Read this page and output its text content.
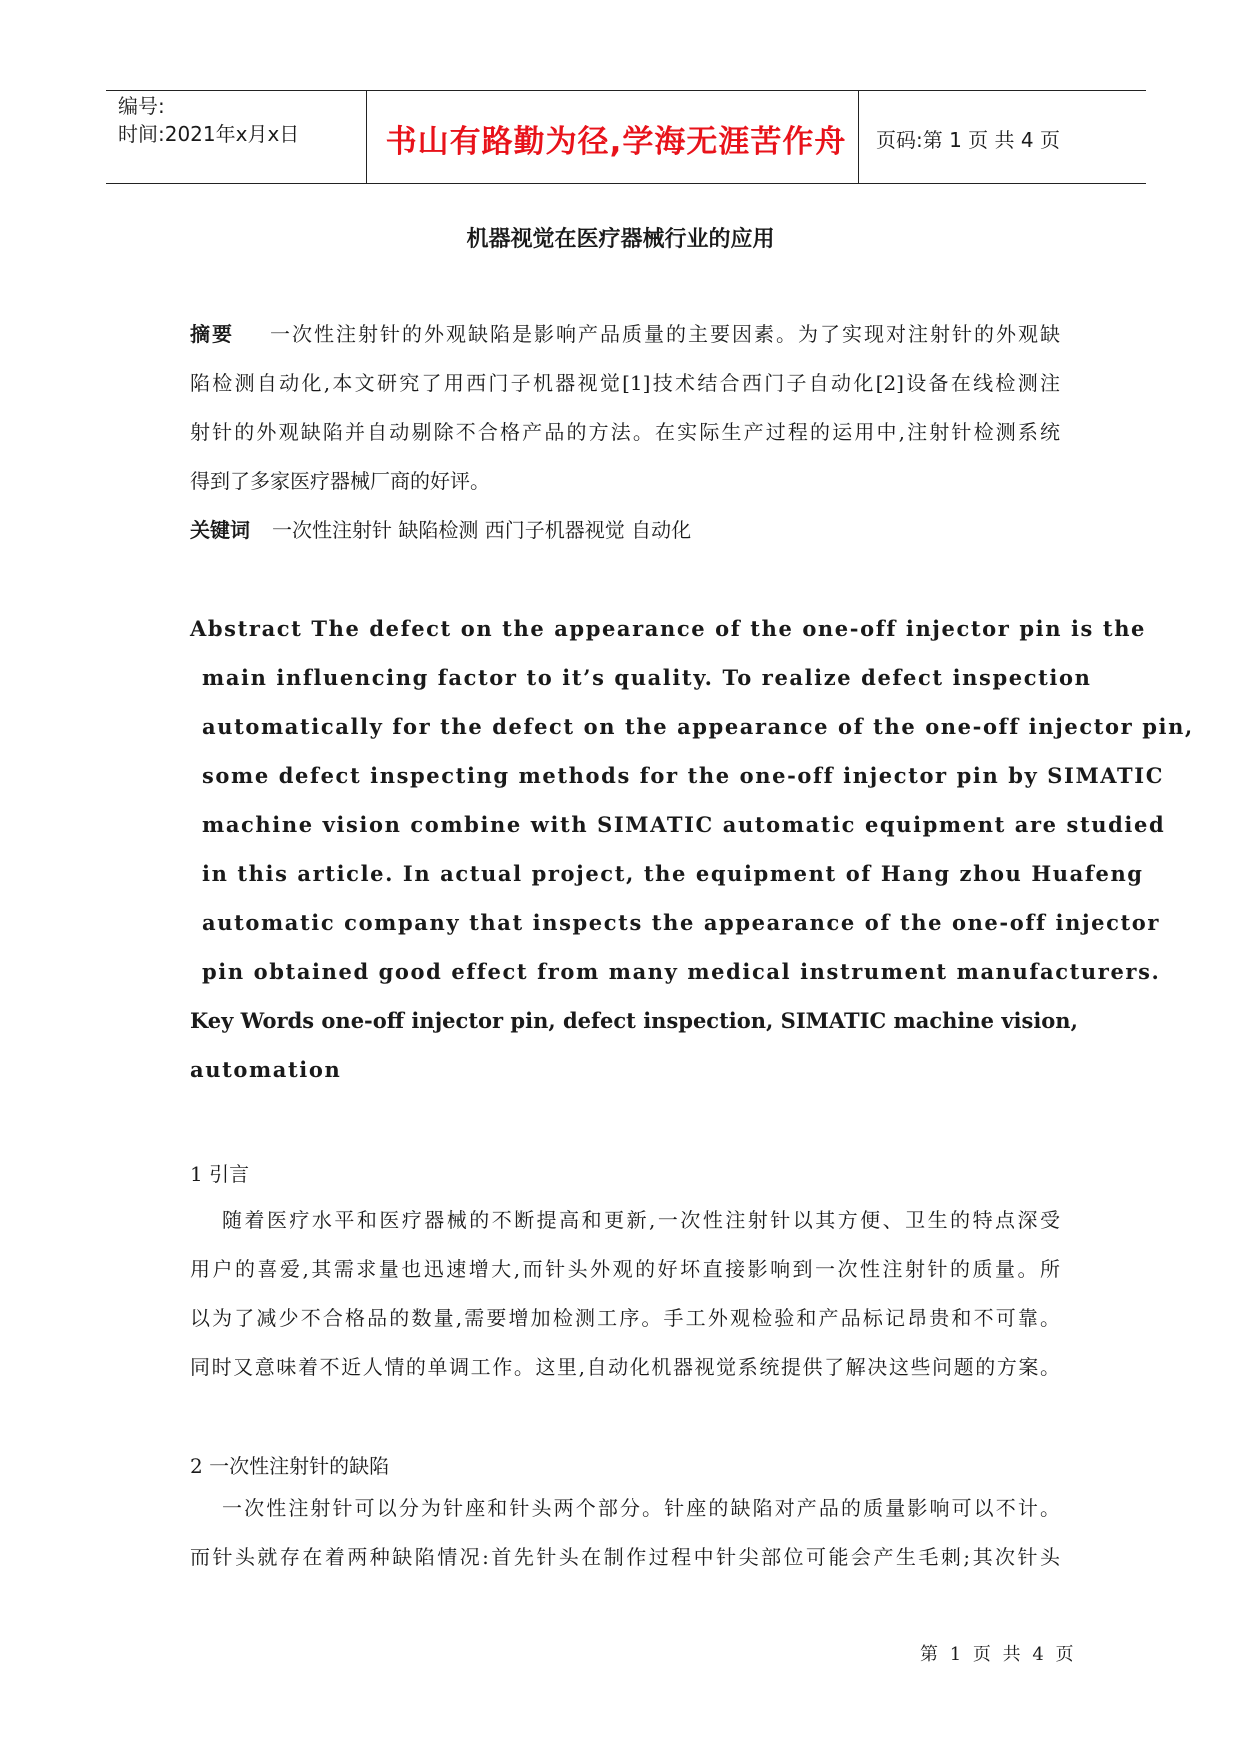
编号:
时间:2021年x月x日	书山有路勤为径,学海无涯苦作舟	页码:第 1 页 共 4 页
机器视觉在医疗器械行业的应用
摘要 一次性注射针的外观缺陷是影响产品质量的主要因素。为了实现对注射针的外观缺
陷检测自动化,本文研究了用西门子机器视觉[1]技术结合西门子自动化[2]设备在线检测注
射针的外观缺陷并自动剔除不合格产品的方法。在实际生产过程的运用中,注射针检测系统
得到了多家医疗器械厂商的好评。
关键词 一次性注射针 缺陷检测 西门子机器视觉 自动化
Abstract The defect on the appearance of the one-off injector pin is the
main influencing factor to it’s quality. To realize defect inspection
automatically for the defect on the appearance of the one-off injector pin,
some defect inspecting methods for the one-off injector pin by SIMATIC
machine vision combine with SIMATIC automatic equipment are studied
in this article. In actual project, the equipment of Hang zhou Huafeng
automatic company that inspects the appearance of the one-off injector
pin obtained good effect from many medical instrument manufacturers.
Key Words one-off injector pin, defect inspection, SIMATIC machine vision,
automation
1 引言
随着医疗水平和医疗器械的不断提高和更新,一次性注射针以其方便、卫生的特点深受
用户的喜爱,其需求量也迅速增大,而针头外观的好坏直接影响到一次性注射针的质量。所
以为了减少不合格品的数量,需要增加检测工序。手工外观检验和产品标记昂贵和不可靠。
同时又意味着不近人情的单调工作。这里,自动化机器视觉系统提供了解决这些问题的方案。
2 一次性注射针的缺陷
一次性注射针可以分为针座和针头两个部分。针座的缺陷对产品的质量影响可以不计。
而针头就存在着两种缺陷情况:首先针头在制作过程中针尖部位可能会产生毛刺;其次针头
第 1 页 共 4 页
